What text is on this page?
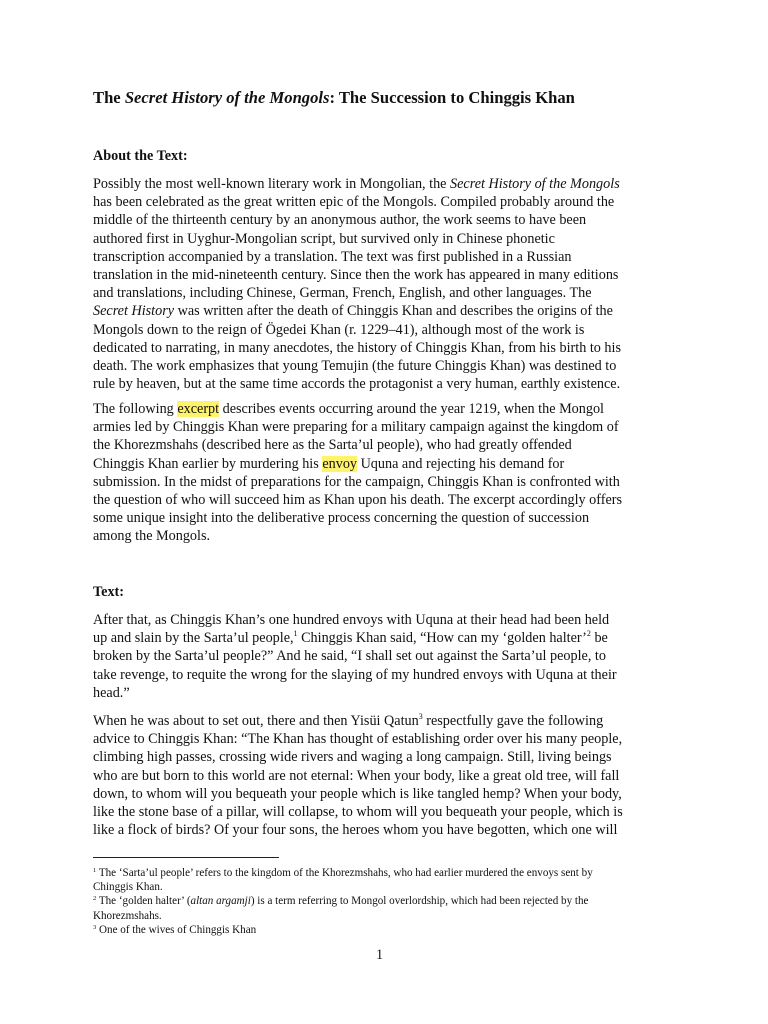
The Secret History of the Mongols: The Succession to Chinggis Khan
About the Text:
Possibly the most well-known literary work in Mongolian, the Secret History of the Mongols
has been celebrated as the great written epic of the Mongols. Compiled probably around the
middle of the thirteenth century by an anonymous author, the work seems to have been
authored first in Uyghur-Mongolian script, but survived only in Chinese phonetic
transcription accompanied by a translation. The text was first published in a Russian
translation in the mid-nineteenth century. Since then the work has appeared in many editions
and translations, including Chinese, German, French, English, and other languages. The
Secret History was written after the death of Chinggis Khan and describes the origins of the
Mongols down to the reign of Ögedei Khan (r. 1229–41), although most of the work is
dedicated to narrating, in many anecdotes, the history of Chinggis Khan, from his birth to his
death. The work emphasizes that young Temujin (the future Chinggis Khan) was destined to
rule by heaven, but at the same time accords the protagonist a very human, earthly existence.
The following excerpt describes events occurring around the year 1219, when the Mongol
armies led by Chinggis Khan were preparing for a military campaign against the kingdom of
the Khorezmshahs (described here as the Sarta’ul people), who had greatly offended
Chinggis Khan earlier by murdering his envoy Uquna and rejecting his demand for
submission. In the midst of preparations for the campaign, Chinggis Khan is confronted with
the question of who will succeed him as Khan upon his death. The excerpt accordingly offers
some unique insight into the deliberative process concerning the question of succession
among the Mongols.
Text:
After that, as Chinggis Khan’s one hundred envoys with Uquna at their head had been held
up and slain by the Sarta’ul people,$^1$ Chinggis Khan said, “How can my ‘golden halter’$^2$ be
broken by the Sarta’ul people?” And he said, “I shall set out against the Sarta’ul people, to
take revenge, to requite the wrong for the slaying of my hundred envoys with Uquna at their
head.”
When he was about to set out, there and then Yisüi Qatun$^3$ respectfully gave the following
advice to Chinggis Khan: “The Khan has thought of establishing order over his many people,
climbing high passes, crossing wide rivers and waging a long campaign. Still, living beings
who are but born to this world are not eternal: When your body, like a great old tree, will fall
down, to whom will you bequeath your people which is like tangled hemp? When your body,
like the stone base of a pillar, will collapse, to whom will you bequeath your people, which is
like a flock of birds? Of your four sons, the heroes whom you have begotten, which one will

$^1$ The ‘Sarta’ul people’ refers to the kingdom of the Khorezmshahs, who had earlier murdered the envoys sent by
Chinggis Khan.

$^2$ The ‘golden halter’ (altan argamji) is a term referring to Mongol overlordship, which had been rejected by the
Khorezmshahs.

$^3$ One of the wives of Chinggis Khan

1
